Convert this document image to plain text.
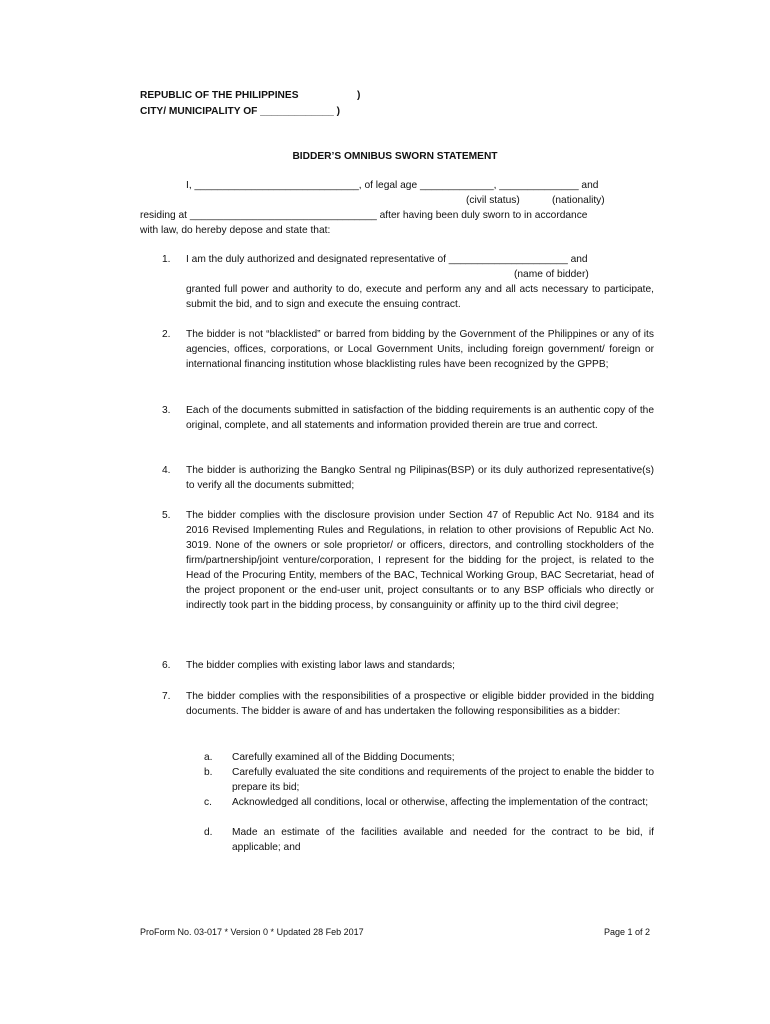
REPUBLIC OF THE PHILIPPINES	)
CITY/ MUNICIPALITY OF _____________ )
BIDDER’S OMNIBUS SWORN STATEMENT
I, _____________________________, of legal age _____________, ______________ and
(civil status)	(nationality)
residing at _________________________________ after having been duly sworn to in accordance
with law, do hereby depose and state that:
1. I am the duly authorized and designated representative of _____________________ and
(name of bidder)
granted full power and authority to do, execute and perform any and all acts necessary to participate, submit the bid, and to sign and execute the ensuing contract.
2. The bidder is not “blacklisted” or barred from bidding by the Government of the Philippines or any of its agencies, offices, corporations, or Local Government Units, including foreign government/ foreign or international financing institution whose blacklisting rules have been recognized by the GPPB;
3. Each of the documents submitted in satisfaction of the bidding requirements is an authentic copy of the original, complete, and all statements and information provided therein are true and correct.
4. The bidder is authorizing the Bangko Sentral ng Pilipinas(BSP) or its duly authorized representative(s) to verify all the documents submitted;
5. The bidder complies with the disclosure provision under Section 47 of Republic Act No. 9184 and its 2016 Revised Implementing Rules and Regulations, in relation to other provisions of Republic Act No. 3019. None of the owners or sole proprietor/ or officers, directors, and controlling stockholders of the firm/partnership/joint venture/corporation, I represent for the bidding for the project, is related to the Head of the Procuring Entity, members of the BAC, Technical Working Group, BAC Secretariat, head of the project proponent or the end-user unit, project consultants or to any BSP officials who directly or indirectly took part in the bidding process, by consanguinity or affinity up to the third civil degree;
6. The bidder complies with existing labor laws and standards;
7. The bidder complies with the responsibilities of a prospective or eligible bidder provided in the bidding documents. The bidder is aware of and has undertaken the following responsibilities as a bidder:
a. Carefully examined all of the Bidding Documents;
b. Carefully evaluated the site conditions and requirements of the project to enable the bidder to prepare its bid;
c. Acknowledged all conditions, local or otherwise, affecting the implementation of the contract;
d. Made an estimate of the facilities available and needed for the contract to be bid, if applicable; and
ProForm No. 03-017 * Version 0 * Updated 28 Feb 2017	Page 1 of 2
